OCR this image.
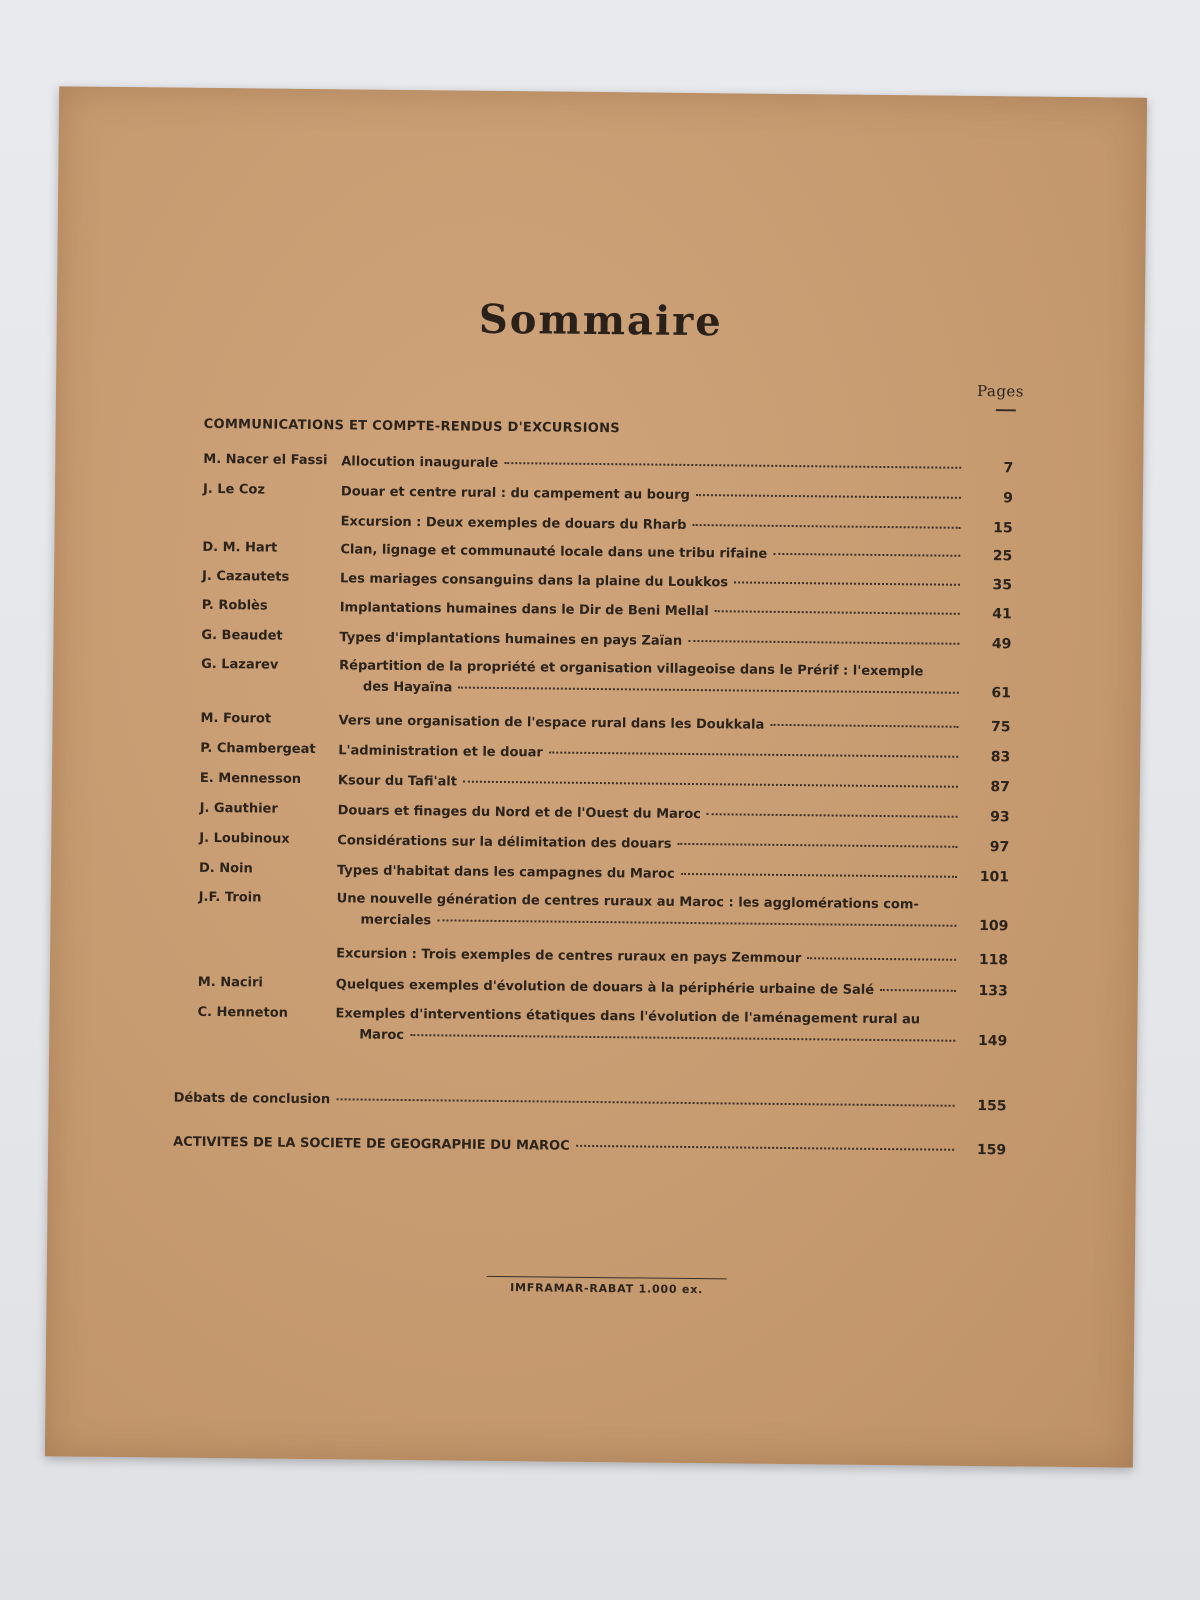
Sommaire
Pages
COMMUNICATIONS ET COMPTE-RENDUS D'EXCURSIONS
M. Nacer el Fassi	Allocution inaugurale	7
J. Le Coz	Douar et centre rural : du campement au bourg	9
Excursion : Deux exemples de douars du Rharb	15
D. M. Hart	Clan, lignage et communauté locale dans une tribu rifaine	25
J. Cazautets	Les mariages consanguins dans la plaine du Loukkos	35
P. Roblès	Implantations humaines dans le Dir de Beni Mellal	41
G. Beaudet	Types d'implantations humaines en pays Zaïan	49
G. Lazarev	Répartition de la propriété et organisation villageoise dans le Prérif : l'exemple
des Hayaïna	61
M. Fourot	Vers une organisation de l'espace rural dans les Doukkala	75
P. Chambergeat	L'administration et le douar	83
E. Mennesson	Ksour du Tafi'alt	87
J. Gauthier	Douars et finages du Nord et de l'Ouest du Maroc	93
J. Loubinoux	Considérations sur la délimitation des douars	97
D. Noin	Types d'habitat dans les campagnes du Maroc	101
J.F. Troin	Une nouvelle génération de centres ruraux au Maroc : les agglomérations com-
merciales	109
Excursion : Trois exemples de centres ruraux en pays Zemmour	118
M. Naciri	Quelques exemples d'évolution de douars à la périphérie urbaine de Salé	133
C. Henneton	Exemples d'interventions étatiques dans l'évolution de l'aménagement rural au
Maroc	149
Débats de conclusion	155
ACTIVITES DE LA SOCIETE DE GEOGRAPHIE DU MAROC	159
IMFRAMAR-RABAT 1.000 ex.
